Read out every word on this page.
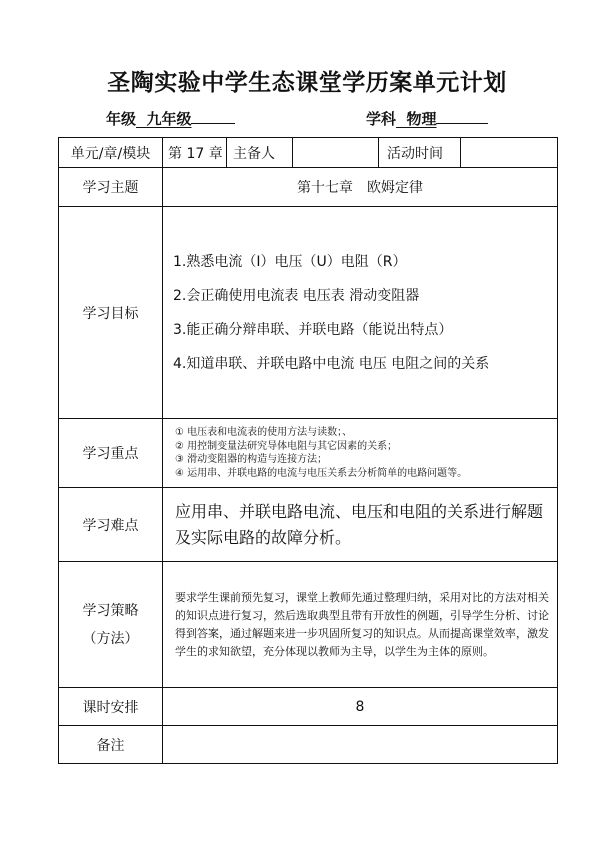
圣陶实验中学生态课堂学历案单元计划
年级 九年级	学科 物理
单元/章/模块	第 17 章	主备人		活动时间	
学习主题	第十七章　欧姆定律				
学习目标	1.熟悉电流（I）电压（U）电阻（R）
2.会正确使用电流表 电压表 滑动变阻器
3.能正确分辩串联、并联电路（能说出特点）
4.知道串联、并联电路中电流 电压 电阻之间的关系				

学习重点	① 电压表和电流表的使用方法与读数；、
② 用控制变量法研究导体电阻与其它因素的关系；
③ 滑动变阻器的构造与连接方法；
④ 运用串、并联电路的电流与电压关系去分析简单的电路问题等。				

学习难点	应用串、并联电路电流、电压和电阻的关系进行解题及实际电路的故障分析。				

学习策略
（方法）	要求学生课前预先复习，课堂上教师先通过整理归纳，采用对比的方法对相关的知识点进行复习，然后选取典型且带有开放性的例题，引导学生分析、讨论得到答案，通过解题来进一步巩固所复习的知识点。从而提高课堂效率，激发学生的求知欲望，充分体现以教师为主导，以学生为主体的原则。				
课时安排	8				
备注					
